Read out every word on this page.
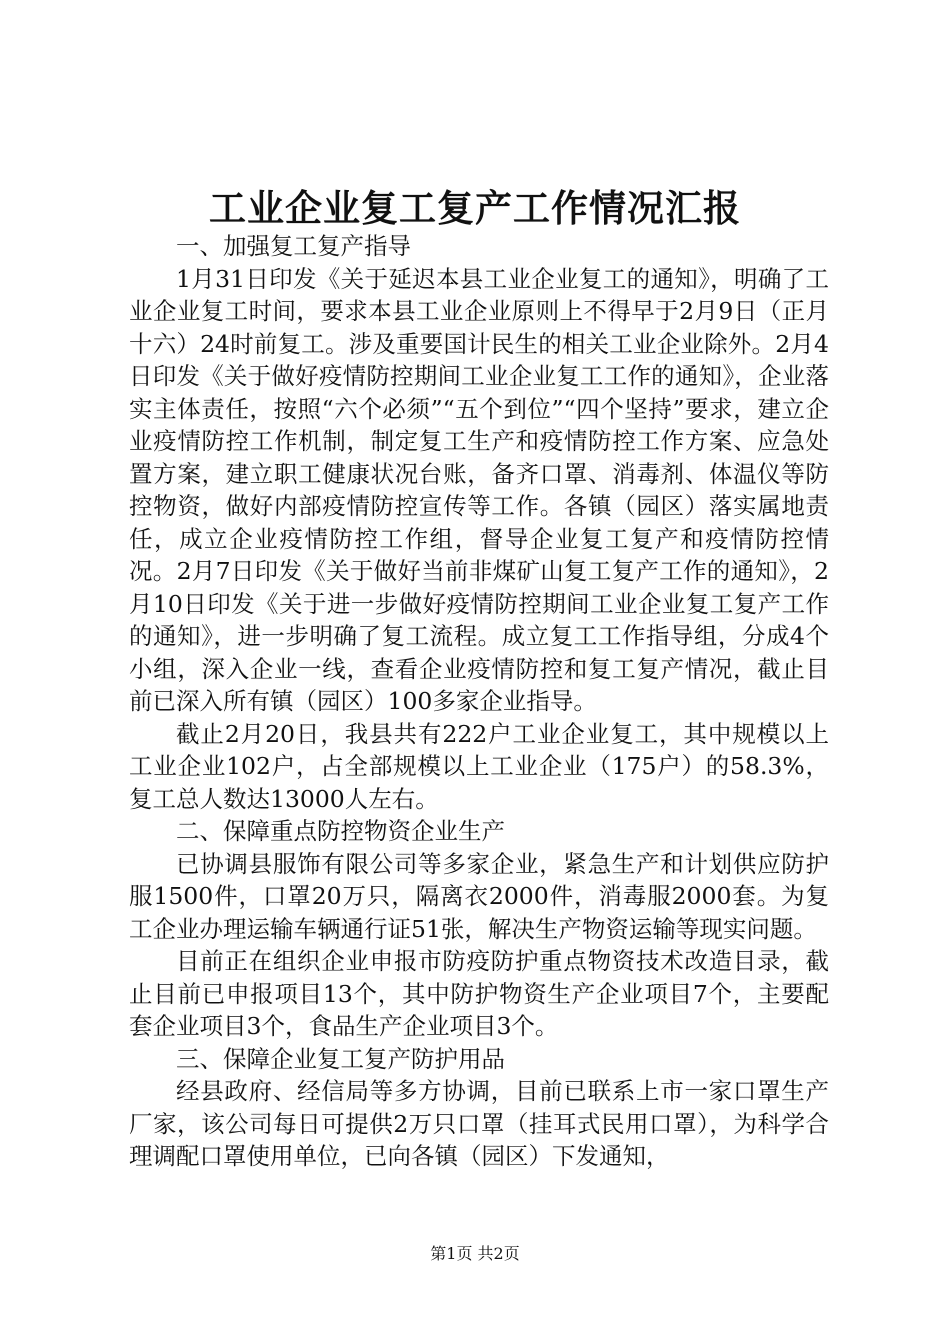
工业企业复工复产工作情况汇报

一、加强复工复产指导

1月31日印发《关于延迟本县工业企业复工的通知》，明确了工业企业复工时间，要求本县工业企业原则上不得早于2月9日（正月十六）24时前复工。涉及重要国计民生的相关工业企业除外。2月4日印发《关于做好疫情防控期间工业企业复工工作的通知》，企业落实主体责任，按照“六个必须”“五个到位”“四个坚持”要求，建立企业疫情防控工作机制，制定复工生产和疫情防控工作方案、应急处置方案，建立职工健康状况台账，备齐口罩、消毒剂、体温仪等防控物资，做好内部疫情防控宣传等工作。各镇（园区）落实属地责任，成立企业疫情防控工作组，督导企业复工复产和疫情防控情况。2月7日印发《关于做好当前非煤矿山复工复产工作的通知》，2月10日印发《关于进一步做好疫情防控期间工业企业复工复产工作的通知》，进一步明确了复工流程。成立复工工作指导组，分成4个小组，深入企业一线，查看企业疫情防控和复工复产情况，截止目前已深入所有镇（园区）100多家企业指导。

截止2月20日，我县共有222户工业企业复工，其中规模以上工业企业102户，占全部规模以上工业企业（175户）的58.3%，复工总人数达13000人左右。

二、保障重点防控物资企业生产

已协调县服饰有限公司等多家企业，紧急生产和计划供应防护服1500件，口罩20万只，隔离衣2000件，消毒服2000套。为复工企业办理运输车辆通行证51张，解决生产物资运输等现实问题。

目前正在组织企业申报市防疫防护重点物资技术改造目录，截止目前已申报项目13个，其中防护物资生产企业项目7个，主要配套企业项目3个，食品生产企业项目3个。

三、保障企业复工复产防护用品

经县政府、经信局等多方协调，目前已联系上市一家口罩生产厂家，该公司每日可提供2万只口罩（挂耳式民用口罩），为科学合理调配口罩使用单位，已向各镇（园区）下发通知，

第1页 共2页
